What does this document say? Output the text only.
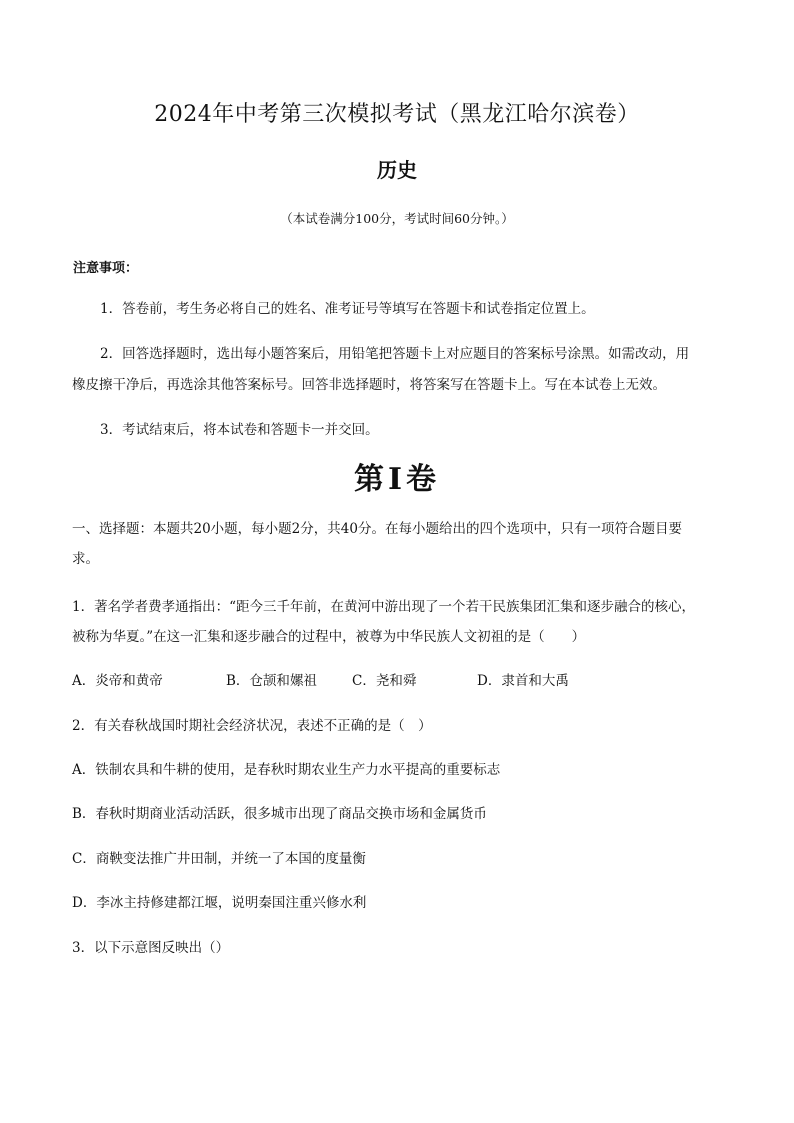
2024年中考第三次模拟考试（黑龙江哈尔滨卷）
历史
（本试卷满分100分，考试时间60分钟。）
注意事项：
1．答卷前，考生务必将自己的姓名、准考证号等填写在答题卡和试卷指定位置上。
2．回答选择题时，选出每小题答案后，用铅笔把答题卡上对应题目的答案标号涂黑。如需改动，用
橡皮擦干净后，再选涂其他答案标号。回答非选择题时，将答案写在答题卡上。写在本试卷上无效。
3．考试结束后，将本试卷和答题卡一并交回。
第I卷
一、选择题：本题共20小题，每小题2分，共40分。在每小题给出的四个选项中，只有一项符合题目要
求。
1．著名学者费孝通指出：“距今三千年前，在黄河中游出现了一个若干民族集团汇集和逐步融合的核心，
被称为华夏。”在这一汇集和逐步融合的过程中，被尊为中华民族人文初祖的是（　　）
A．炎帝和黄帝	B．仓颉和嫘祖	C．尧和舜	D．隶首和大禹
2．有关春秋战国时期社会经济状况，表述不正确的是（　）
A．铁制农具和牛耕的使用，是春秋时期农业生产力水平提高的重要标志
B．春秋时期商业活动活跃，很多城市出现了商品交换市场和金属货币
C．商鞅变法推广井田制，并统一了本国的度量衡
D．李冰主持修建都江堰，说明秦国注重兴修水利
3．以下示意图反映出（）
